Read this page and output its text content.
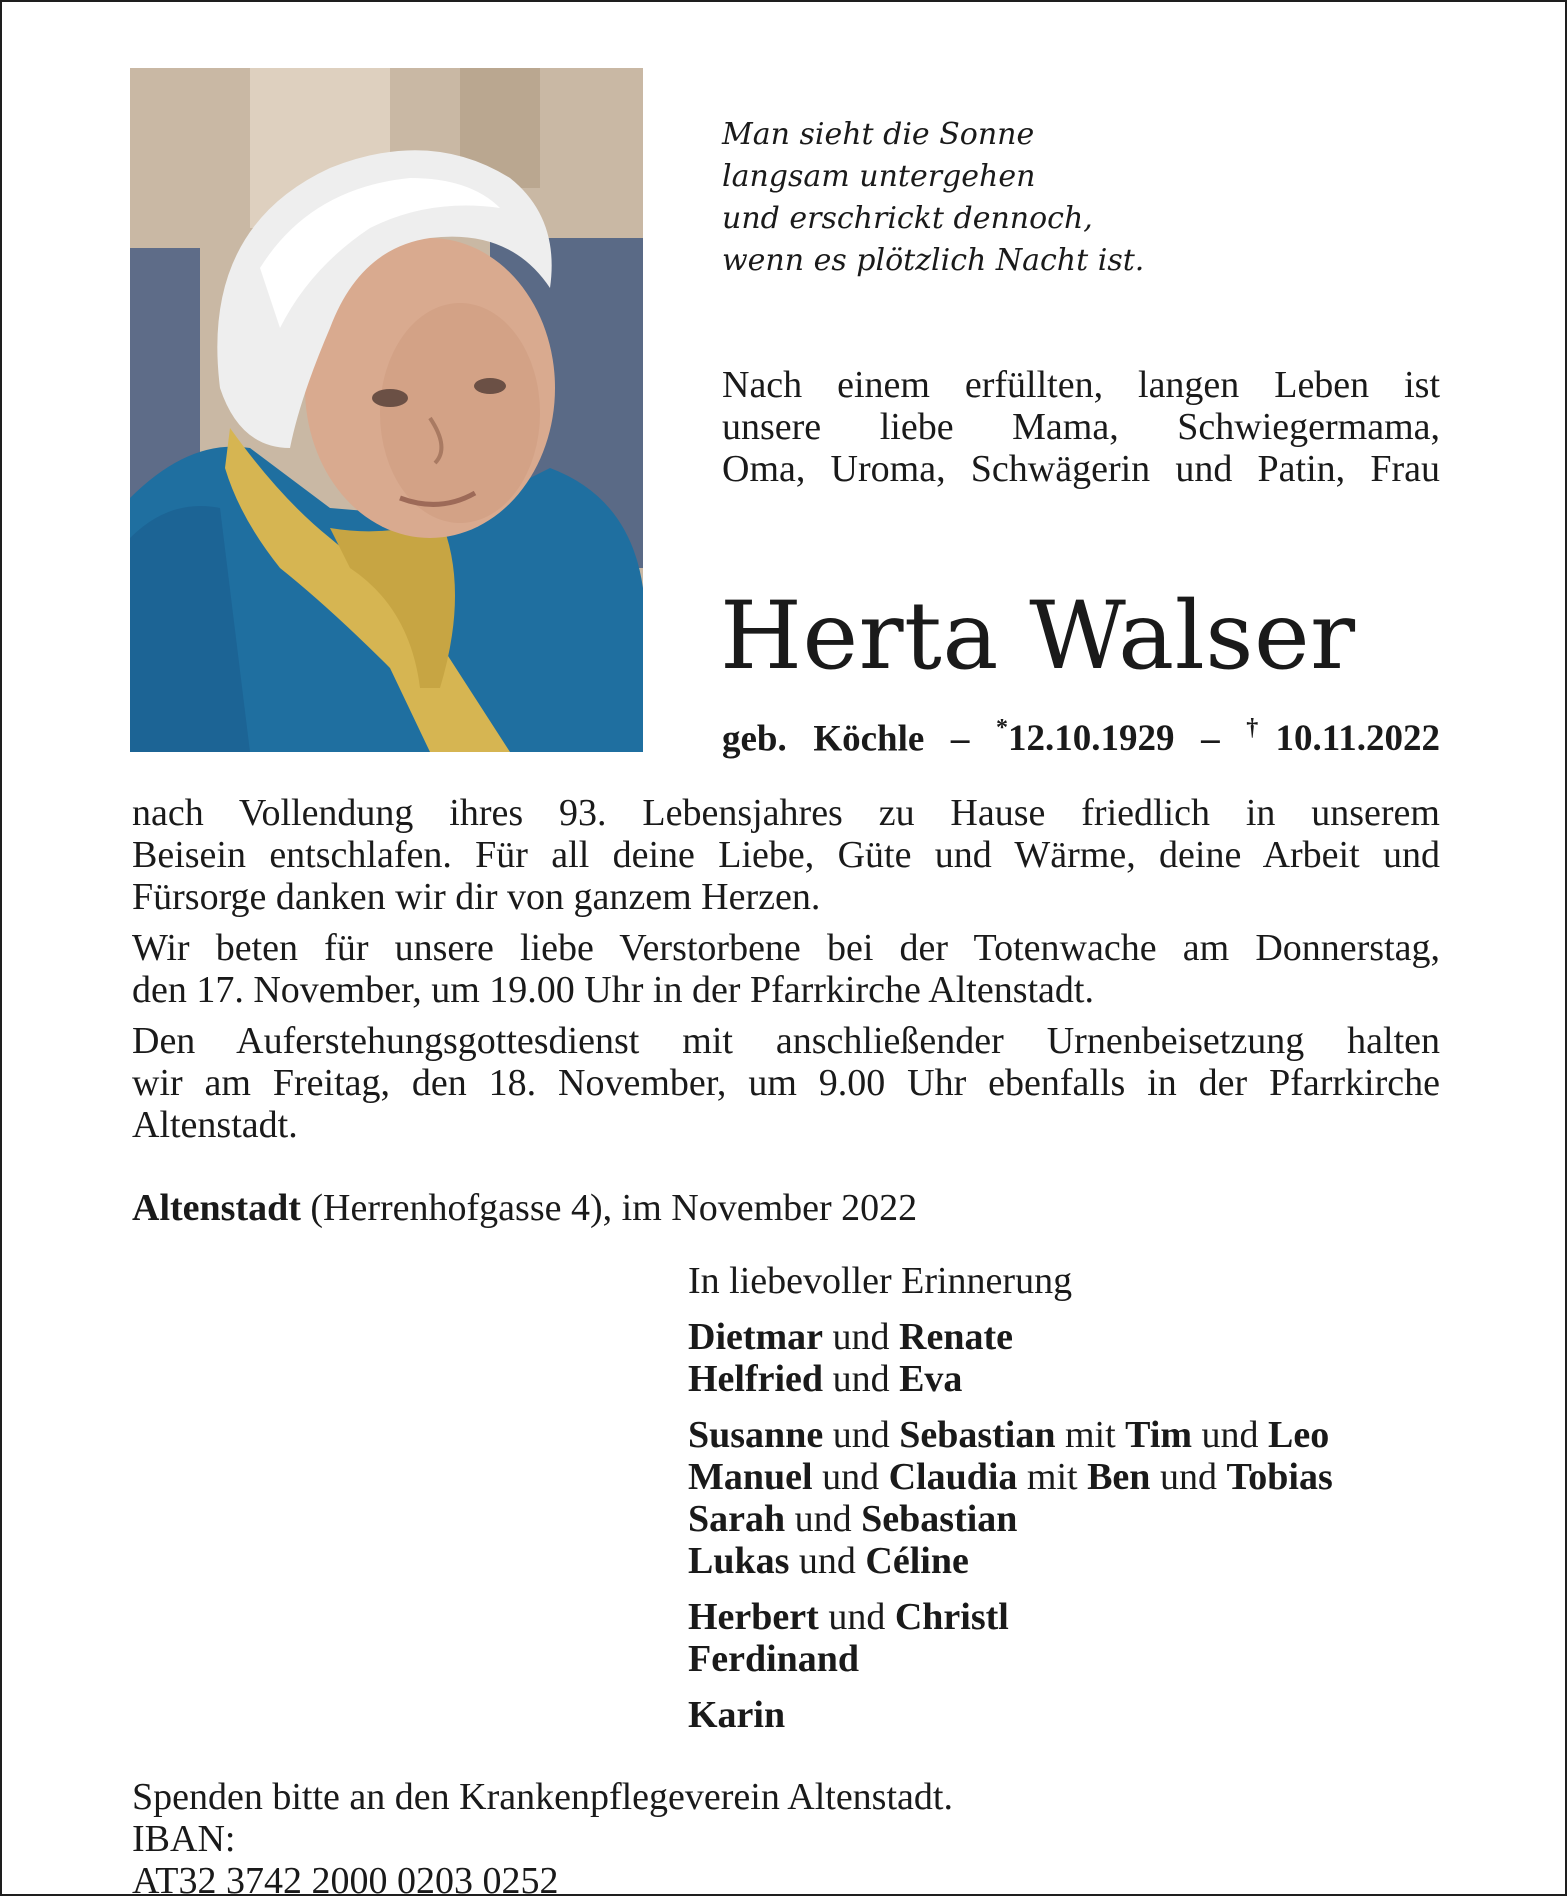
Man sieht die Sonne
langsam untergehen
und erschrickt dennoch,
wenn es plötzlich Nacht ist.
Nach einem erfüllten, langen Leben ist
unsere liebe Mama, Schwiegermama,
Oma, Uroma, Schwägerin und Patin, Frau
Herta Walser
geb. Köchle – *12.10.1929 – †10.11.2022

nach Vollendung ihres 93. Lebensjahres zu Hause friedlich in unserem
Beisein entschlafen. Für all deine Liebe, Güte und Wärme, deine Arbeit und
Fürsorge danken wir dir von ganzem Herzen.

Wir beten für unsere liebe Verstorbene bei der Totenwache am Donnerstag,
den 17. November, um 19.00 Uhr in der Pfarrkirche Altenstadt.

Den Auferstehungsgottesdienst mit anschließender Urnenbeisetzung halten
wir am Freitag, den 18. November, um 9.00 Uhr ebenfalls in der Pfarrkirche
Altenstadt.

Altenstadt (Herrenhofgasse 4), im November 2022
In liebevoller Erinnerung
Dietmar und Renate
Helfried und Eva
Susanne und Sebastian mit Tim und Leo
Manuel und Claudia mit Ben und Tobias
Sarah und Sebastian
Lukas und Céline
Herbert und Christl
Ferdinand
Karin
Spenden bitte an den Krankenpflegeverein Altenstadt.
IBAN:
AT32 3742 2000 0203 0252
